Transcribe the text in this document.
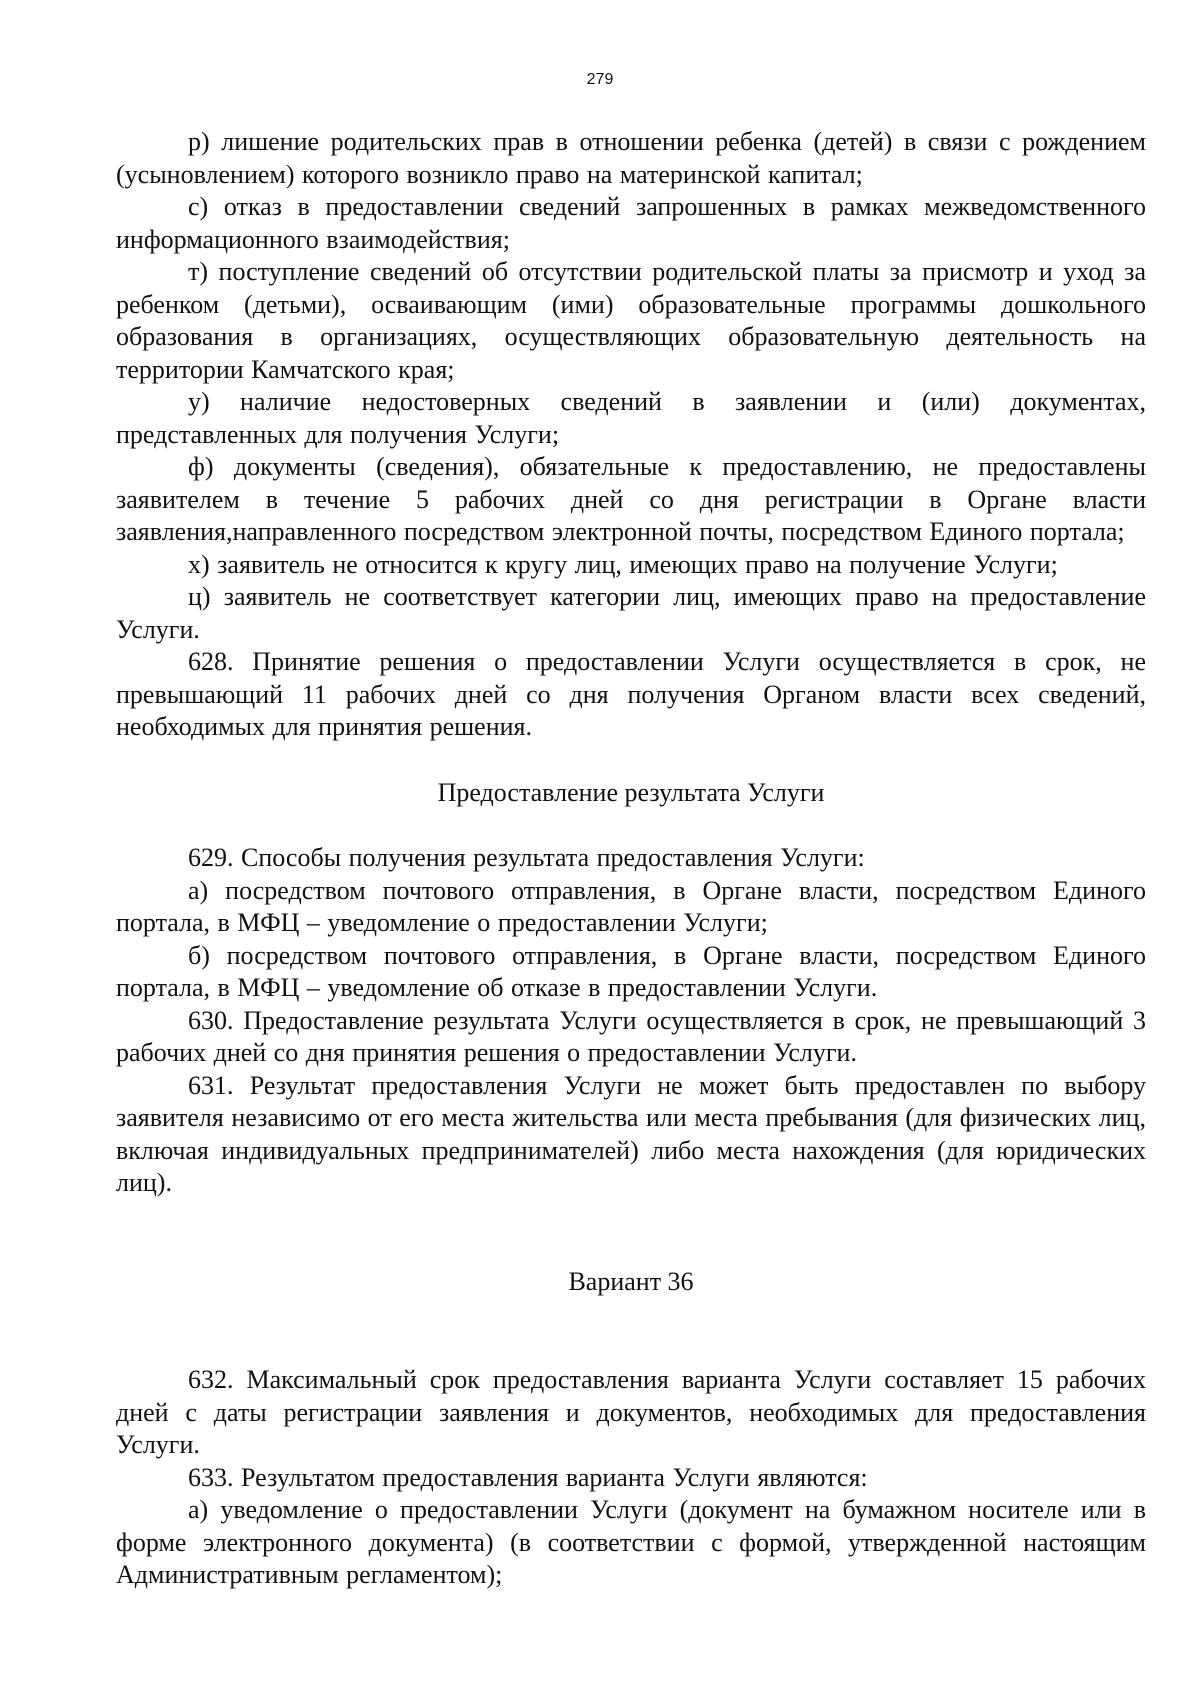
279

р) лишение родительских прав в отношении ребенка (детей) в связи с рождением (усыновлением) которого возникло право на материнской капитал;

с) отказ в предоставлении сведений запрошенных в рамках межведомственного информационного взаимодействия;

т) поступление сведений об отсутствии родительской платы за присмотр и уход за ребенком (детьми), осваивающим (ими) образовательные программы дошкольного образования в организациях, осуществляющих образовательную деятельность на территории Камчатского края;

у) наличие недостоверных сведений в заявлении и (или) документах, представленных для получения Услуги;

ф) документы (сведения), обязательные к предоставлению, не предоставлены заявителем в течение 5 рабочих дней со дня регистрации в Органе власти заявления,направленного посредством электронной почты, посредством Единого портала;

х) заявитель не относится к кругу лиц, имеющих право на получение Услуги;

ц) заявитель не соответствует категории лиц, имеющих право на предоставление Услуги.

628. Принятие решения о предоставлении Услуги осуществляется в срок, не превышающий 11 рабочих дней со дня получения Органом власти всех сведений, необходимых для принятия решения.

Предоставление результата Услуги

629. Способы получения результата предоставления Услуги:

а) посредством почтового отправления, в Органе власти, посредством Единого портала, в МФЦ – уведомление о предоставлении Услуги;

б) посредством почтового отправления, в Органе власти, посредством Единого портала, в МФЦ – уведомление об отказе в предоставлении Услуги.

630. Предоставление результата Услуги осуществляется в срок, не превышающий 3 рабочих дней со дня принятия решения о предоставлении Услуги.

631. Результат предоставления Услуги не может быть предоставлен по выбору заявителя независимо от его места жительства или места пребывания (для физических лиц, включая индивидуальных предпринимателей) либо места нахождения (для юридических лиц).

Вариант 36

632. Максимальный срок предоставления варианта Услуги составляет 15 рабочих дней с даты регистрации заявления и документов, необходимых для предоставления Услуги.

633. Результатом предоставления варианта Услуги являются:

а) уведомление о предоставлении Услуги (документ на бумажном носителе или в форме электронного документа) (в соответствии с формой, утвержденной настоящим Административным регламентом);
